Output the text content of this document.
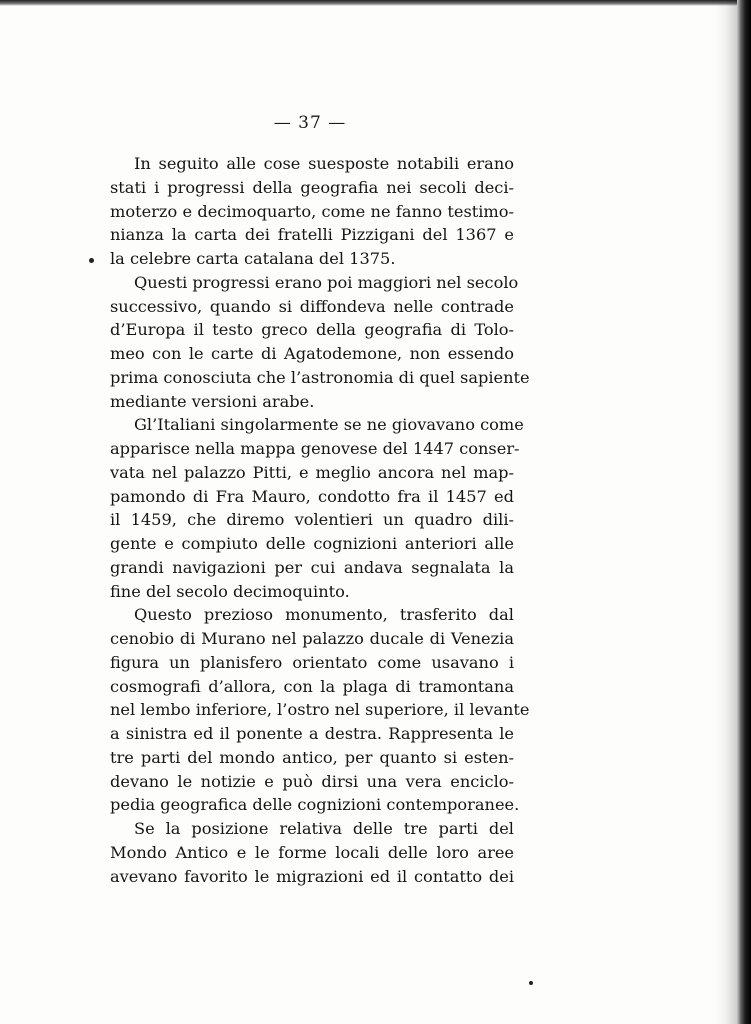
— 37 —
In seguito alle cose suesposte notabili erano
stati i progressi della geografia nei secoli deci-
moterzo e decimoquarto, come ne fanno testimo-
nianza la carta dei fratelli Pizzigani del 1367 e
la celebre carta catalana del 1375.
Questi progressi erano poi maggiori nel secolo
successivo, quando si diffondeva nelle contrade
d’Europa il testo greco della geografia di Tolo-
meo con le carte di Agatodemone, non essendo
prima conosciuta che l’astronomia di quel sapiente
mediante versioni arabe.
Gl’Italiani singolarmente se ne giovavano come
apparisce nella mappa genovese del 1447 conser-
vata nel palazzo Pitti, e meglio ancora nel map-
pamondo di Fra Mauro, condotto fra il 1457 ed
il 1459, che diremo volentieri un quadro dili-
gente e compiuto delle cognizioni anteriori alle
grandi navigazioni per cui andava segnalata la
fine del secolo decimoquinto.
Questo prezioso monumento, trasferito dal
cenobio di Murano nel palazzo ducale di Venezia
figura un planisfero orientato come usavano i
cosmografi d’allora, con la plaga di tramontana
nel lembo inferiore, l’ostro nel superiore, il levante
a sinistra ed il ponente a destra. Rappresenta le
tre parti del mondo antico, per quanto si esten-
devano le notizie e può dirsi una vera enciclo-
pedia geografica delle cognizioni contemporanee.
Se la posizione relativa delle tre parti del
Mondo Antico e le forme locali delle loro aree
avevano favorito le migrazioni ed il contatto dei
